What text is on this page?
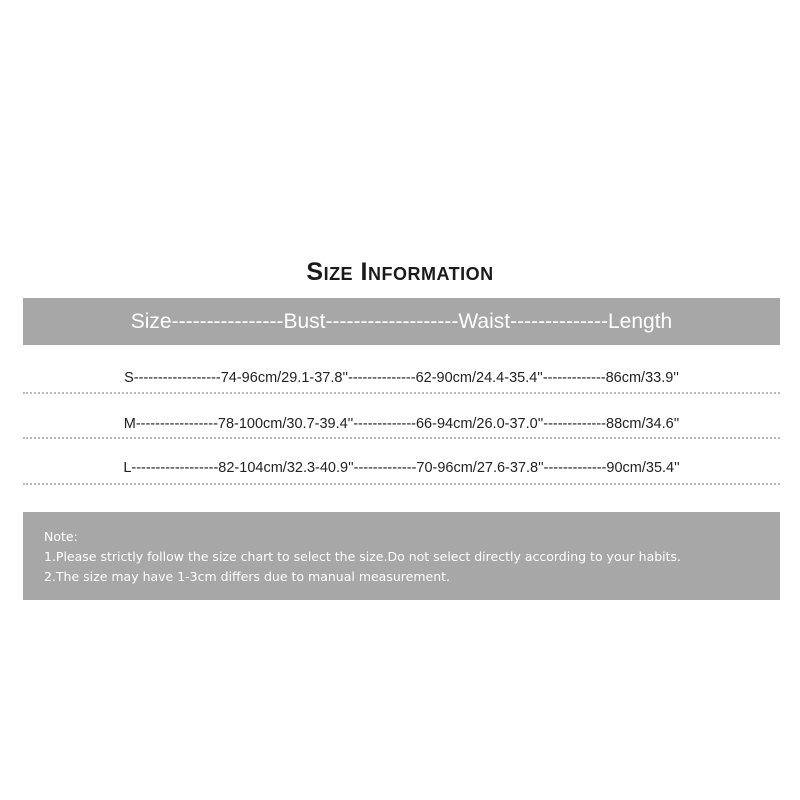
Size Information
Size----------------Bust-------------------Waist--------------Length
S------------------74-96cm/29.1-37.8''--------------62-90cm/24.4-35.4''-------------86cm/33.9''
M-----------------78-100cm/30.7-39.4''-------------66-94cm/26.0-37.0''-------------88cm/34.6''
L------------------82-104cm/32.3-40.9''-------------70-96cm/27.6-37.8''-------------90cm/35.4''
Note:
1.Please strictly follow the size chart to select the size.Do not select directly according to your habits.
2.The size may have 1-3cm differs due to manual measurement.
